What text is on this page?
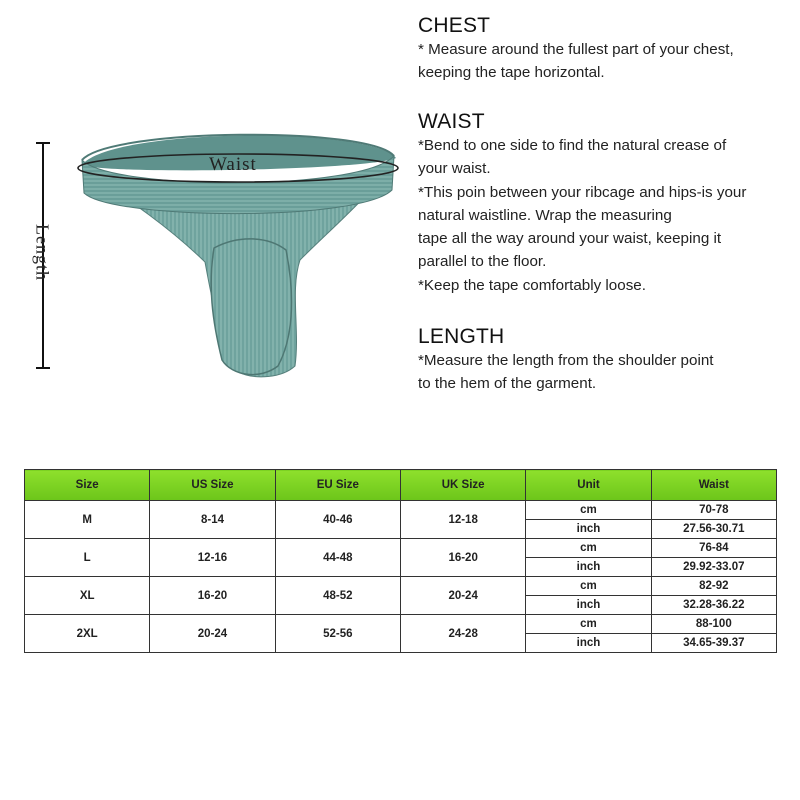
Length
Waist
CHEST

* Measure around the fullest part of your chest,

keeping the tape horizontal.

WAIST

*Bend to one side to find the natural crease of

your waist.

*This poin between your ribcage and hips-is your

natural waistline. Wrap the measuring

tape all the way around your waist, keeping it

parallel to the floor.

*Keep the tape comfortably loose.

LENGTH

*Measure the length from the shoulder point

to the hem of the garment.

Size	US Size	EU Size	UK Size	Unit	Waist
M	8-14	40-46	12-18	cm	70-78
				inch	27.56-30.71
L	12-16	44-48	16-20	cm	76-84
				inch	29.92-33.07
XL	16-20	48-52	20-24	cm	82-92
				inch	32.28-36.22
2XL	20-24	52-56	24-28	cm	88-100
				inch	34.65-39.37
